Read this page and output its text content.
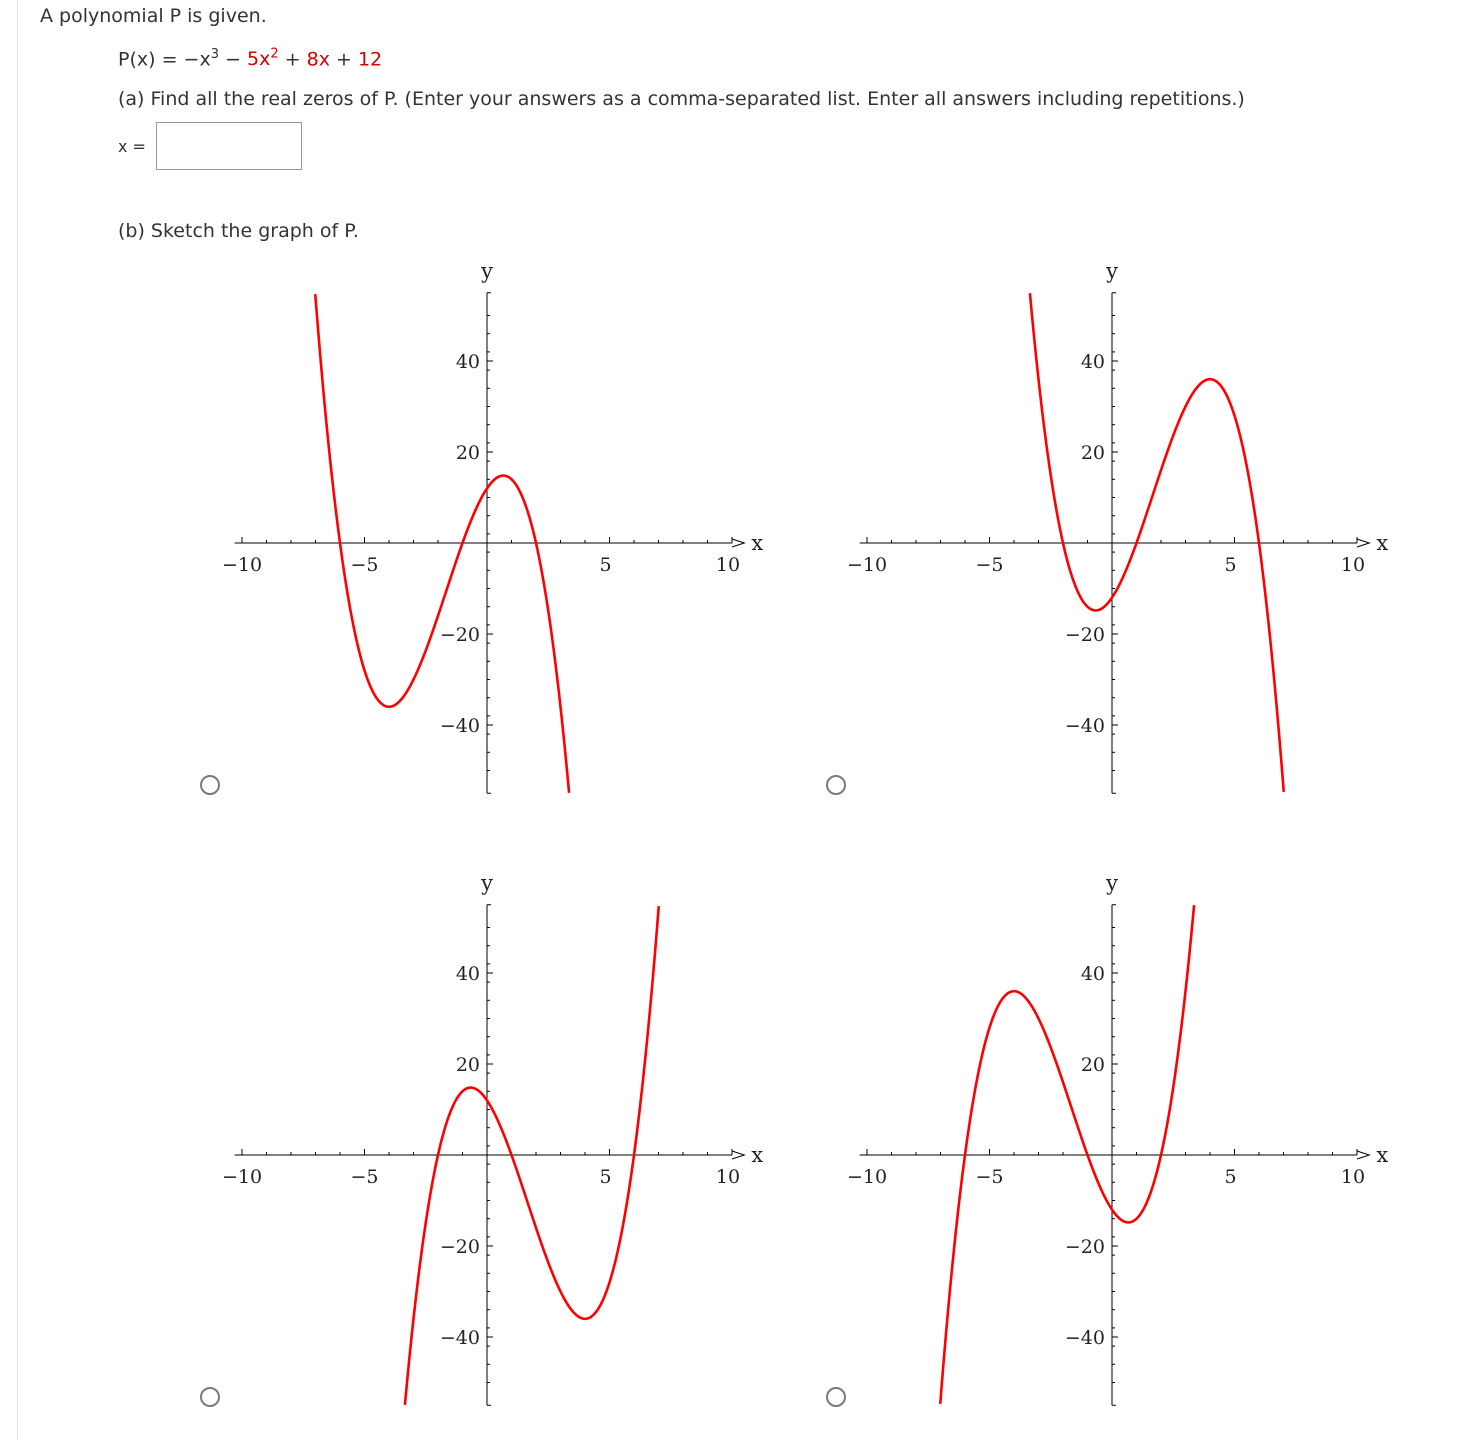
A polynomial P is given.
$P(x) = -x^3 - 5x^2 + 8x + 12$
(a) Find all the real zeros of P. (Enter your answers as a comma-separated list. Enter all answers including repetitions.)
x =
(b) Sketch the graph of P.
−10	−5	5	10
40
20
−20
−40
y
x
−10	−5	5	10
40
20
−20
−40
y
x
−10	−5	5	10
40
20
−20
−40
y
x
−10	−5	5	10
40
20
−20
−40
y
x
